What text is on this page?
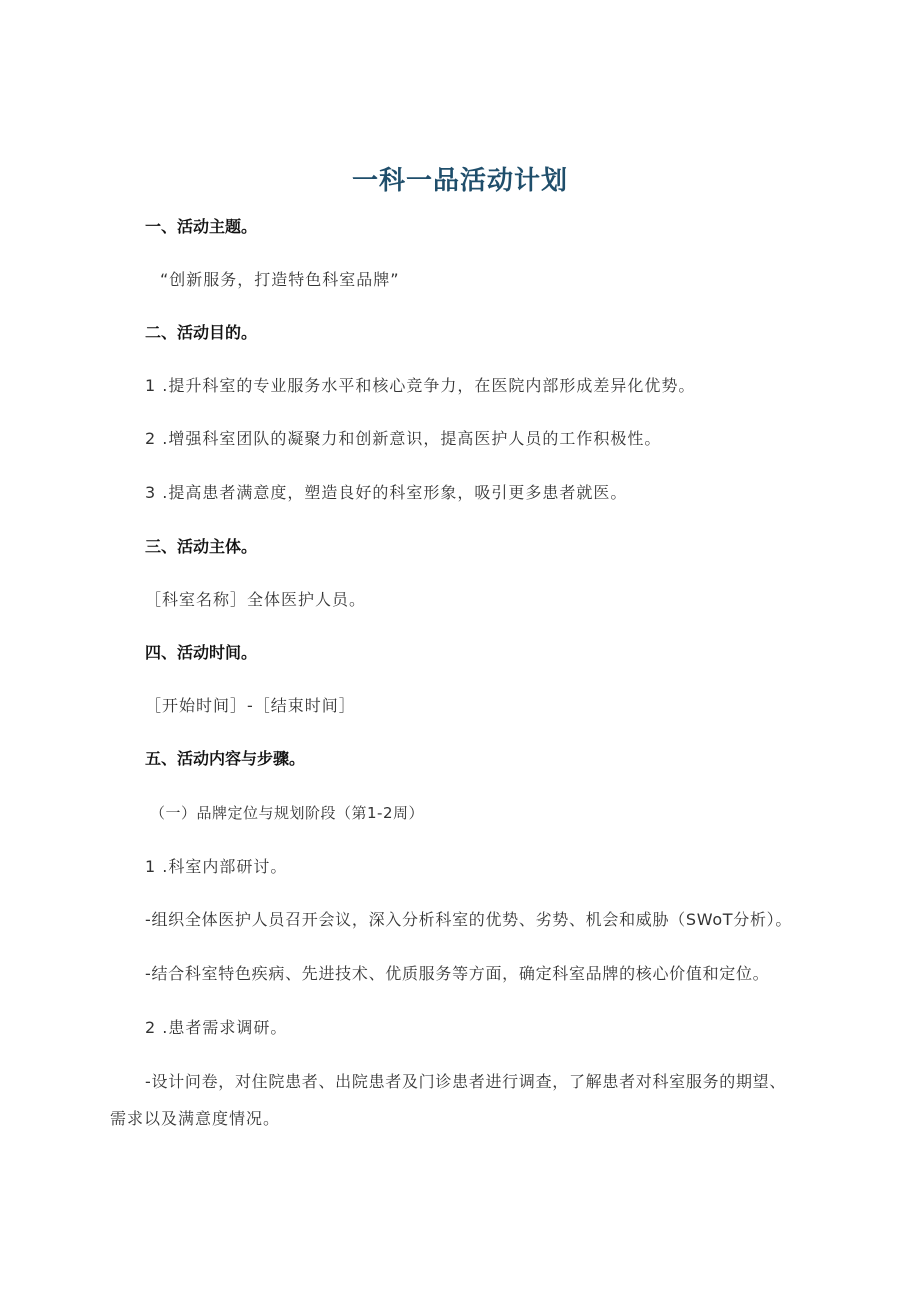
一科一品活动计划
一、活动主题。
“创新服务，打造特色科室品牌”
二、活动目的。
1 .提升科室的专业服务水平和核心竞争力，在医院内部形成差异化优势。
2 .增强科室团队的凝聚力和创新意识，提高医护人员的工作积极性。
3 .提高患者满意度，塑造良好的科室形象，吸引更多患者就医。
三、活动主体。
［科室名称］全体医护人员。
四、活动时间。
［开始时间］-［结束时间］
五、活动内容与步骤。
（一）品牌定位与规划阶段（第1-2周）
1 .科室内部研讨。
-组织全体医护人员召开会议，深入分析科室的优势、劣势、机会和威胁（SWoT分析）。
-结合科室特色疾病、先进技术、优质服务等方面，确定科室品牌的核心价值和定位。
2 .患者需求调研。
-设计问卷，对住院患者、出院患者及门诊患者进行调查，了解患者对科室服务的期望、
需求以及满意度情况。
